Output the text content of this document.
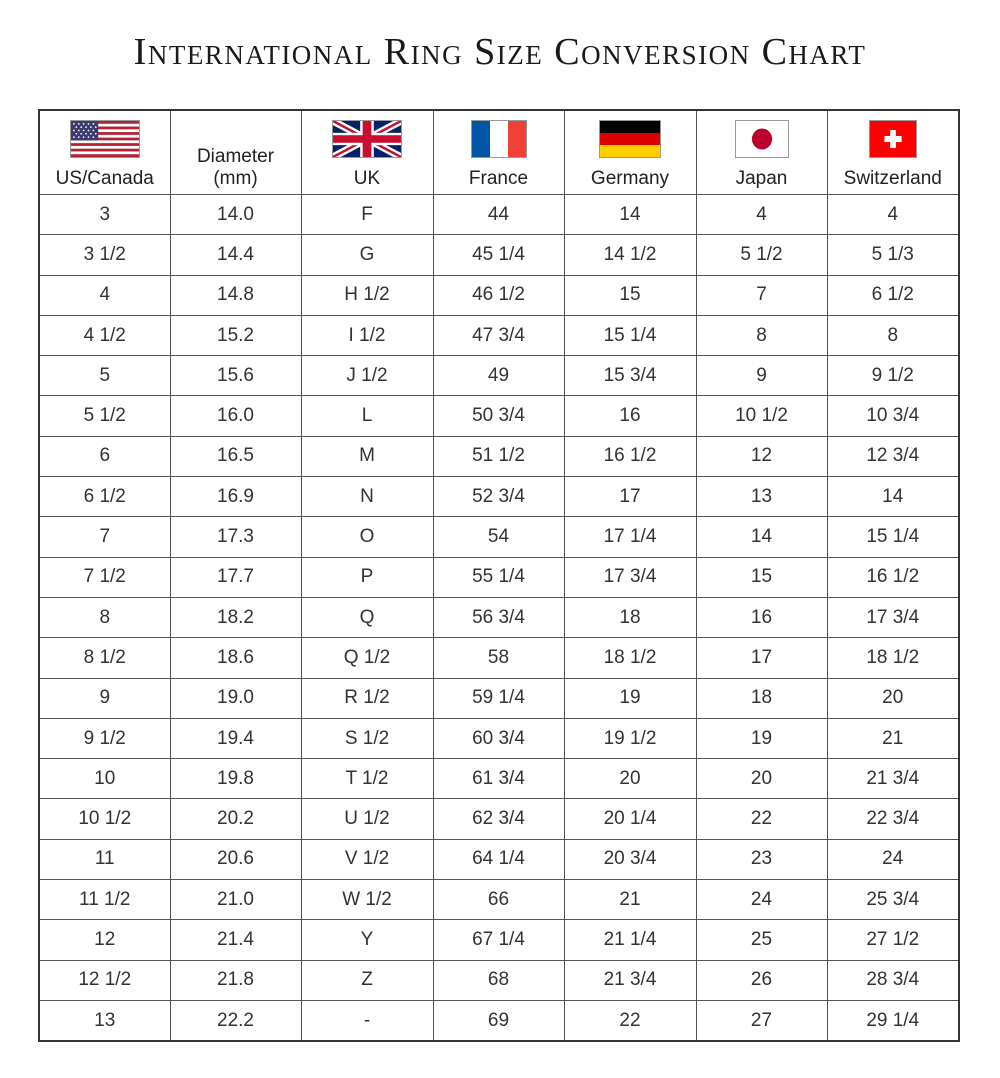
International Ring Size Conversion Chart
US/Canada	Diameter (mm)	UK	France	Germany	Japan	Switzerland

3	14.0	F	44	14	4	4
3 1/2	14.4	G	45 1/4	14 1/2	5 1/2	5 1/3
4	14.8	H 1/2	46 1/2	15	7	6 1/2
4 1/2	15.2	I 1/2	47 3/4	15 1/4	8	8
5	15.6	J 1/2	49	15 3/4	9	9 1/2
5 1/2	16.0	L	50 3/4	16	10 1/2	10 3/4
6	16.5	M	51 1/2	16 1/2	12	12 3/4
6 1/2	16.9	N	52 3/4	17	13	14
7	17.3	O	54	17 1/4	14	15 1/4
7 1/2	17.7	P	55 1/4	17 3/4	15	16 1/2
8	18.2	Q	56 3/4	18	16	17 3/4
8 1/2	18.6	Q 1/2	58	18 1/2	17	18 1/2
9	19.0	R 1/2	59 1/4	19	18	20
9 1/2	19.4	S 1/2	60 3/4	19 1/2	19	21
10	19.8	T 1/2	61 3/4	20	20	21 3/4
10 1/2	20.2	U 1/2	62 3/4	20 1/4	22	22 3/4
11	20.6	V 1/2	64 1/4	20 3/4	23	24
11 1/2	21.0	W 1/2	66	21	24	25 3/4
12	21.4	Y	67 1/4	21 1/4	25	27 1/2
12 1/2	21.8	Z	68	21 3/4	26	28 3/4
13	22.2	-	69	22	27	29 1/4
